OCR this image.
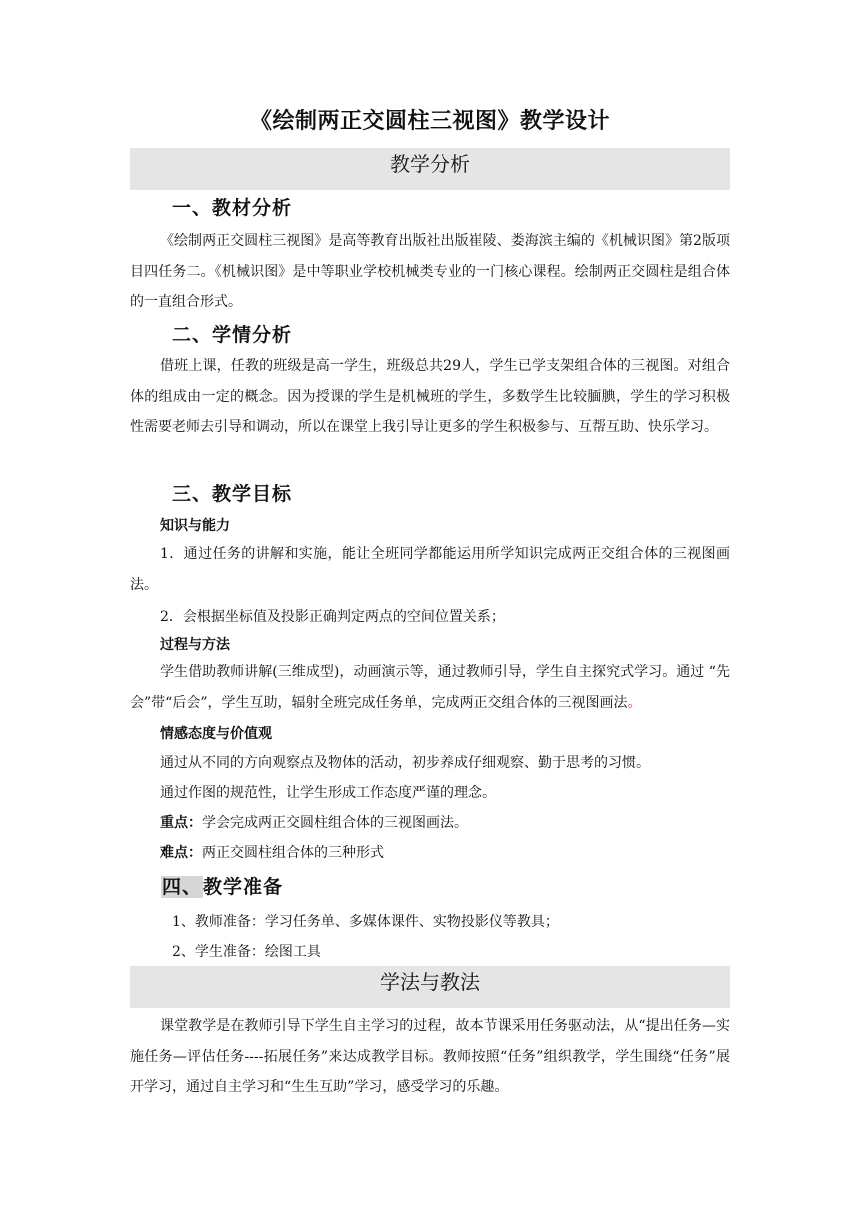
《绘制两正交圆柱三视图》教学设计
教学分析
一、教材分析
《绘制两正交圆柱三视图》是高等教育出版社出版崔陵、娄海滨主编的《机械识图》第2版项目四任务二。《机械识图》是中等职业学校机械类专业的一门核心课程。绘制两正交圆柱是组合体的一直组合形式。
二、学情分析
借班上课，任教的班级是高一学生，班级总共29人，学生已学支架组合体的三视图。对组合体的组成由一定的概念。因为授课的学生是机械班的学生，多数学生比较腼腆，学生的学习积极性需要老师去引导和调动，所以在课堂上我引导让更多的学生积极参与、互帮互助、快乐学习。
三、教学目标
知识与能力
1．通过任务的讲解和实施，能让全班同学都能运用所学知识完成两正交组合体的三视图画法。
2．会根据坐标值及投影正确判定两点的空间位置关系；
过程与方法
学生借助教师讲解(三维成型)，动画演示等，通过教师引导，学生自主探究式学习。通过 “先会”带“后会”，学生互助，辐射全班完成任务单，完成两正交组合体的三视图画法。
情感态度与价值观
通过从不同的方向观察点及物体的活动，初步养成仔细观察、勤于思考的习惯。
通过作图的规范性，让学生形成工作态度严谨的理念。
重点：学会完成两正交圆柱组合体的三视图画法。
难点：两正交圆柱组合体的三种形式
四、教学准备
1、教师准备：学习任务单、多媒体课件、实物投影仪等教具；
2、学生准备：绘图工具
学法与教法
课堂教学是在教师引导下学生自主学习的过程，故本节课采用任务驱动法，从“提出任务—实施任务—评估任务----拓展任务”来达成教学目标。教师按照“任务”组织教学，学生围绕“任务”展开学习，通过自主学习和“生生互助”学习，感受学习的乐趣。
